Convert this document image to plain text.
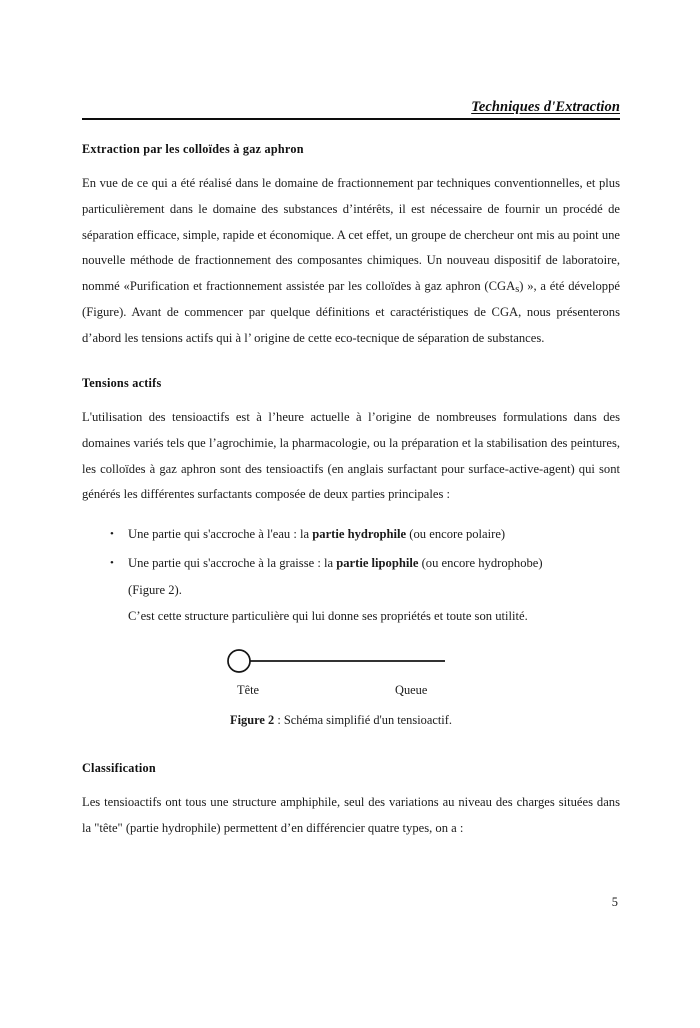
Techniques d'Extraction
Extraction par les colloïdes à gaz aphron

En vue de ce qui a été réalisé dans le domaine de fractionnement par techniques conventionnelles, et plus particulièrement dans le domaine des substances d’intérêts, il est nécessaire de fournir un procédé de séparation efficace, simple, rapide et économique. A cet effet, un groupe de chercheur ont mis au point une nouvelle méthode de fractionnement des composantes chimiques. Un nouveau dispositif de laboratoire, nommé «Purification et fractionnement assistée par les colloïdes à gaz aphron (CGAs) », a été développé (Figure). Avant de commencer par quelque définitions et caractéristiques de CGA, nous présenterons d’abord les tensions actifs qui à l’ origine de cette eco-tecnique de séparation de substances.

Tensions actifs

L'utilisation des tensioactifs est à l’heure actuelle à l’origine de nombreuses formulations dans des domaines variés tels que l’agrochimie, la pharmacologie, ou la préparation et la stabilisation des peintures, les colloïdes à gaz aphron sont des tensioactifs (en anglais surfactant pour surface-active-agent) qui sont générés les différentes surfactants composée de deux parties principales :

• Une partie qui s'accroche à l'eau : la partie hydrophile (ou encore polaire)
• Une partie qui s'accroche à la graisse : la partie lipophile (ou encore hydrophobe)
(Figure 2).
C’est cette structure particulière qui lui donne ses propriétés et toute son utilité.
Tête	Queue
Figure 2 : Schéma simplifié d'un tensioactif.
Classification

Les tensioactifs ont tous une structure amphiphile, seul des variations au niveau des charges situées dans la "tête" (partie hydrophile) permettent d’en différencier quatre types, on a :

5
